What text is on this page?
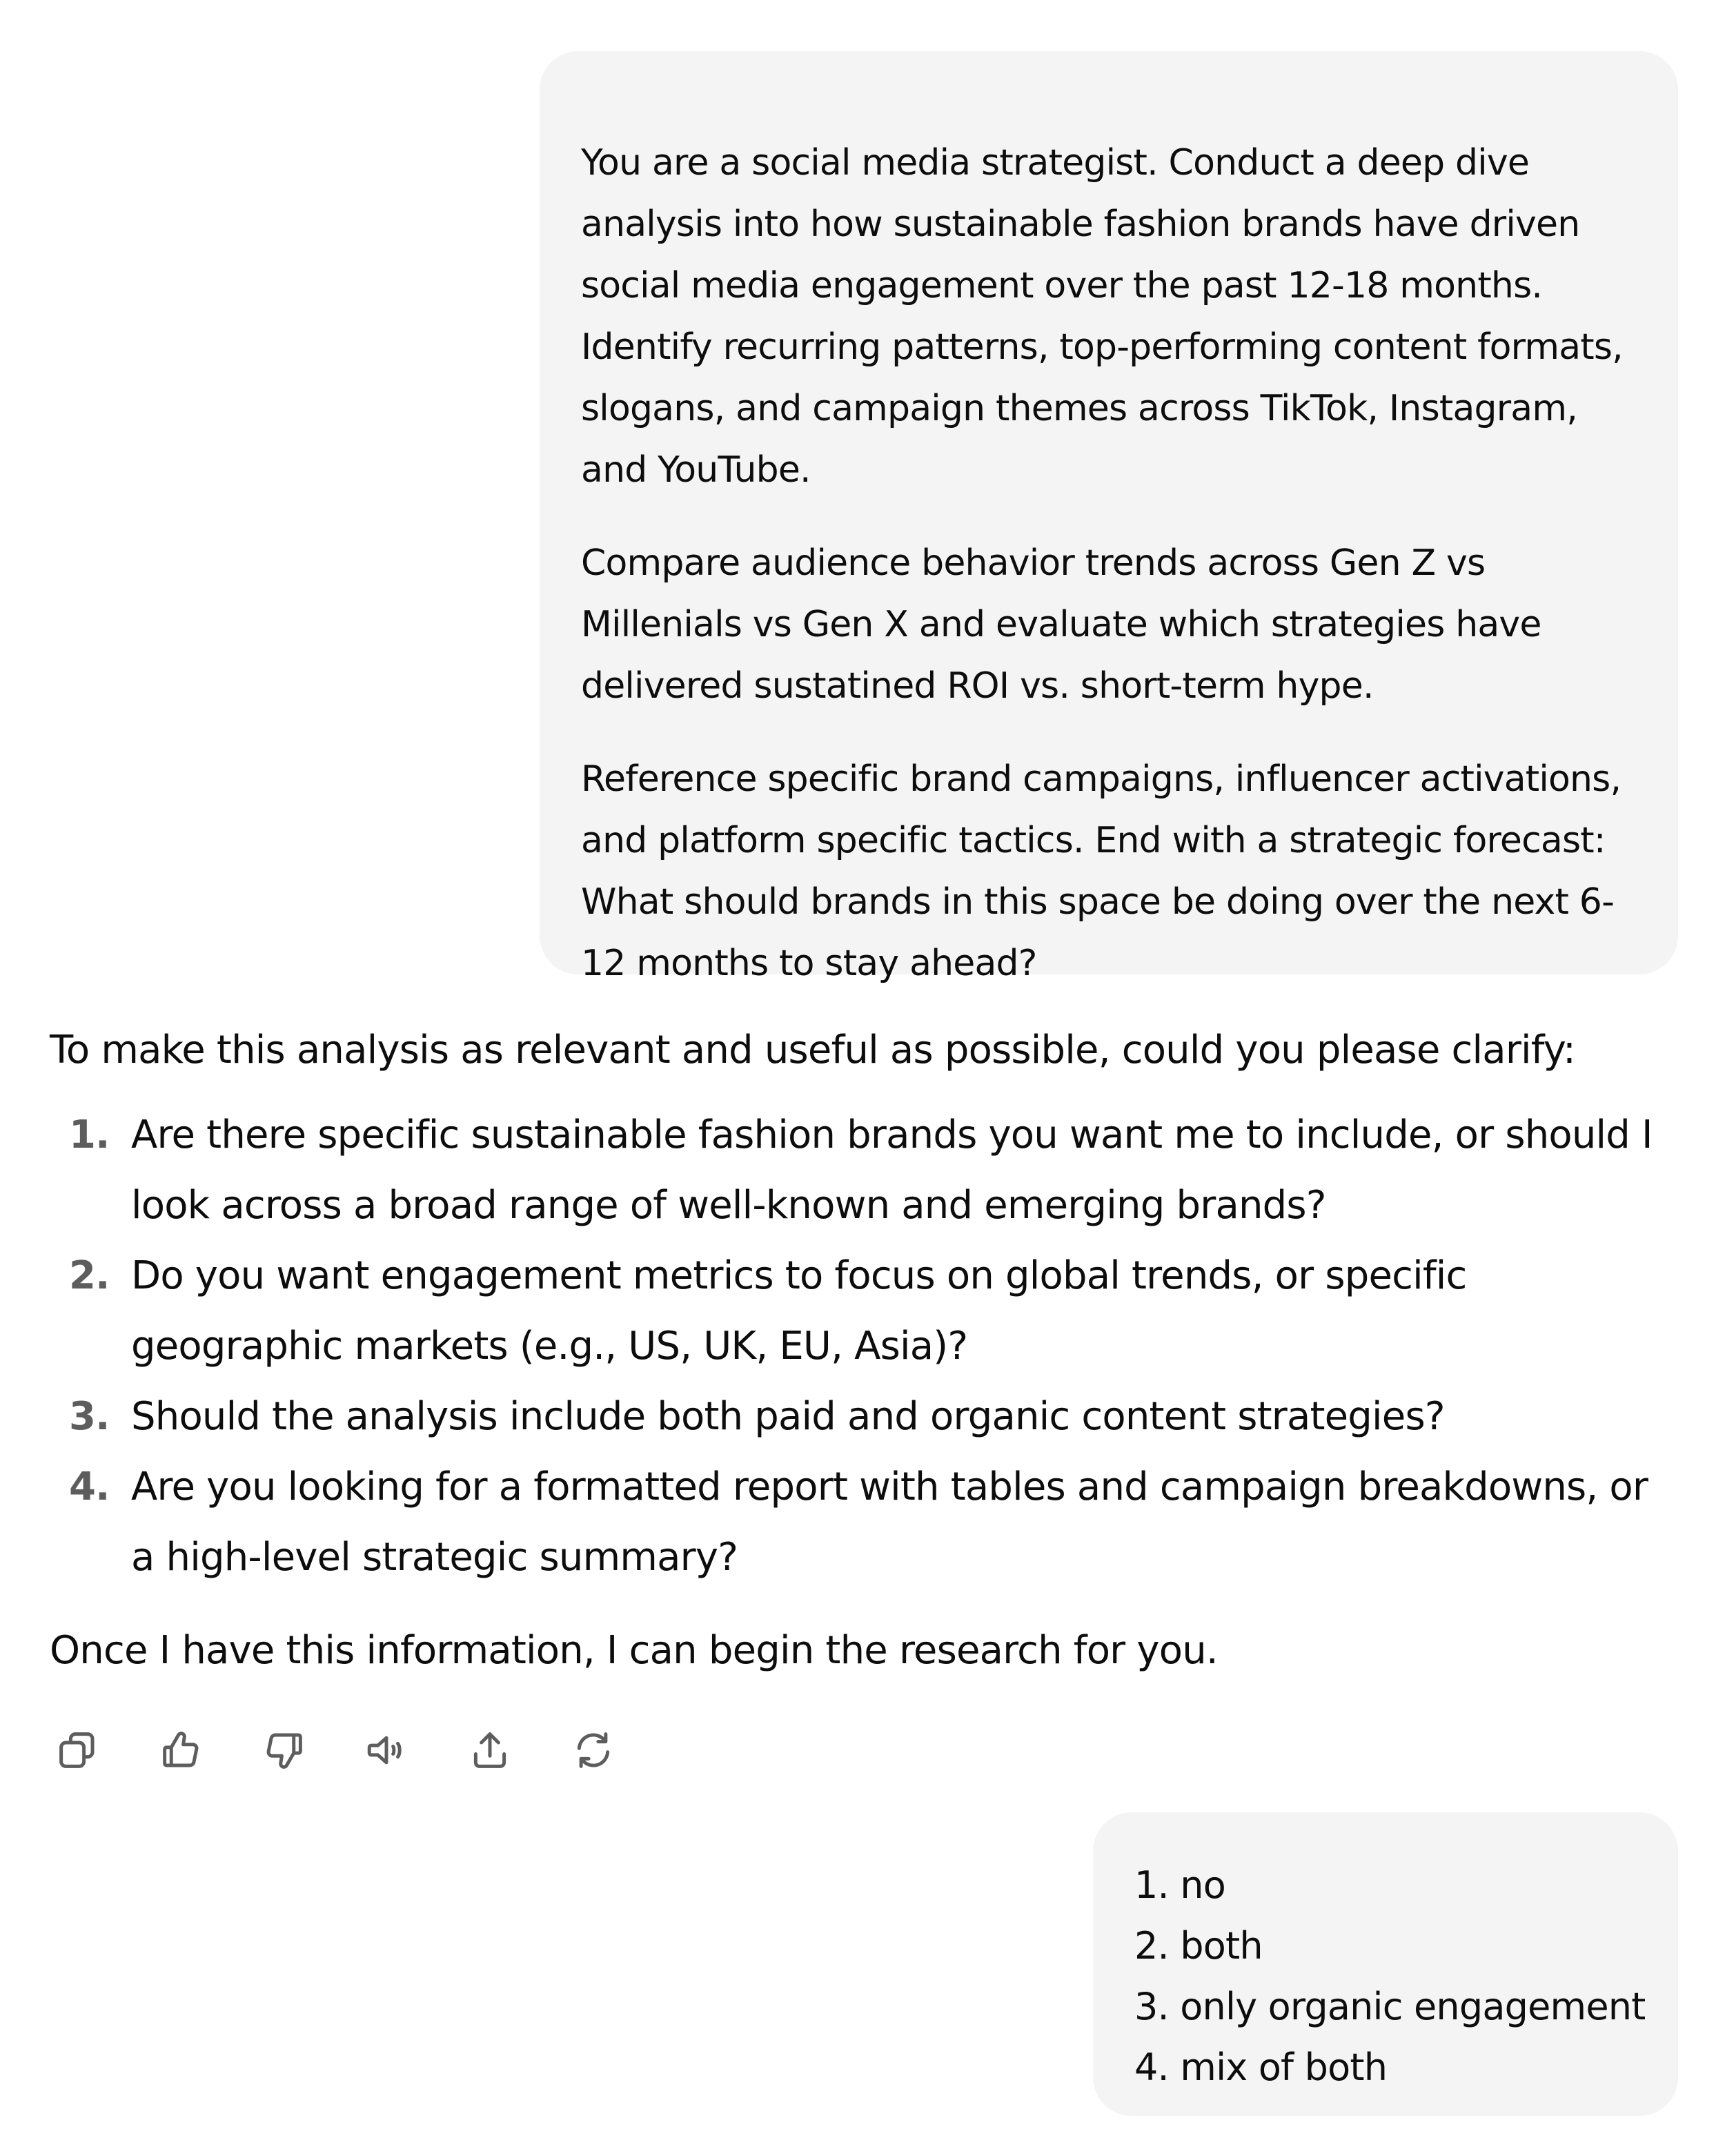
You are a social media strategist. Conduct a deep dive analysis into how sustainable fashion brands have driven social media engagement over the past 12-18 months. Identify recurring patterns, top-performing content formats, slogans, and campaign themes across TikTok, Instagram, and YouTube.

Compare audience behavior trends across Gen Z vs Millenials vs Gen X and evaluate which strategies have delivered sustatined ROI vs. short-term hype.

Reference specific brand campaigns, influencer activations, and platform specific tactics. End with a strategic forecast: What should brands in this space be doing over the next 6-12 months to stay ahead?

To make this analysis as relevant and useful as possible, could you please clarify:

1. Are there specific sustainable fashion brands you want me to include, or should I look across a broad range of well-known and emerging brands?
2. Do you want engagement metrics to focus on global trends, or specific geographic markets (e.g., US, UK, EU, Asia)?
3. Should the analysis include both paid and organic content strategies?
4. Are you looking for a formatted report with tables and campaign breakdowns, or a high-level strategic summary?

Once I have this information, I can begin the research for you.

1. no

2. both

3. only organic engagement

4. mix of both
